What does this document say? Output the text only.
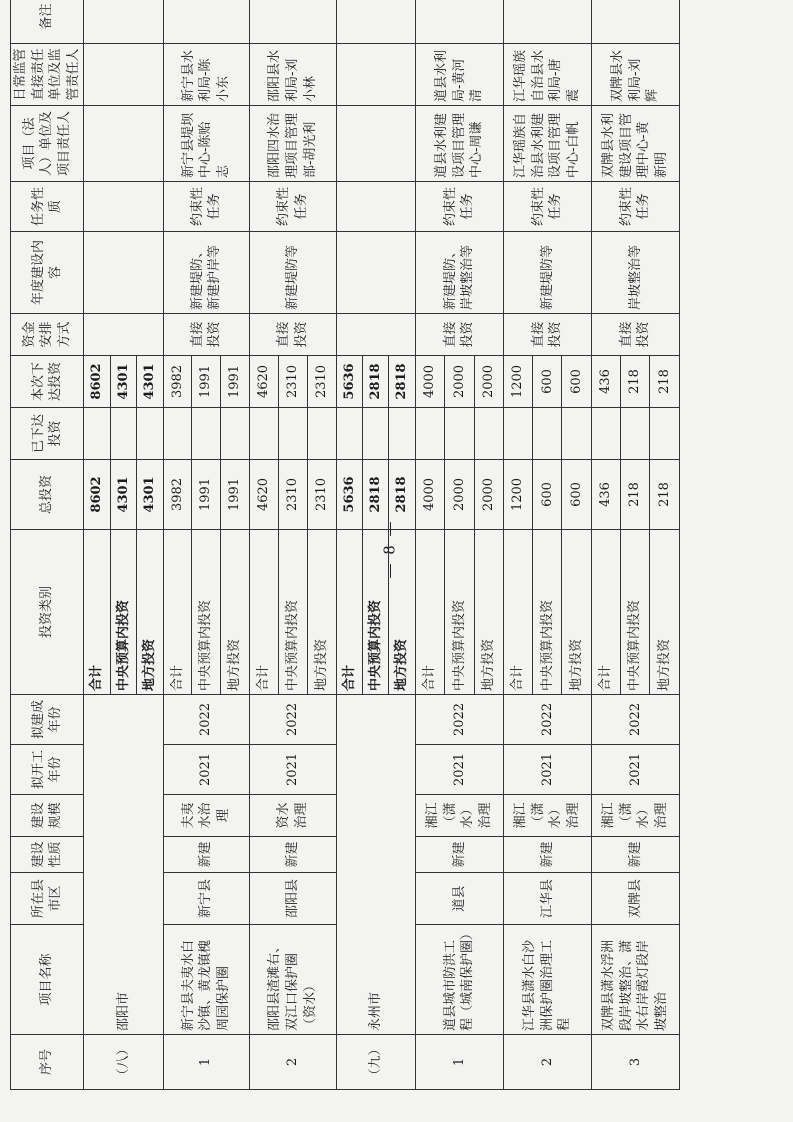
序号	项目名称	所在县市区	建设性质	建设规模	拟开工年份	拟建成年份	投资类别	总投资	已下达投资	本次下达投资	资金安排方式	年度建设内容	任务性质	项目（法人）单位及项目责任人	日常监管直接责任单位及监管责任人	备注
（八）	邵阳市						合计	8602		8602						
							中央预算内投资	4301		4301						
							地方投资	4301		4301						
1	新宁县夫夷水白沙镇、黄龙镇槐周园保护圈	新宁县	新建	夫夷水治理	2021	2022	合计	3982		3982	直接投资	新建堤防、新建护岸等	约束性任务	新宁县堤坝中心-陈贻志	新宁县水利局-陈小东	
							中央预算内投资	1991		1991						
							地方投资	1991		1991						
2	邵阳县渣滩右、双江口保护圈（资水）	邵阳县	新建	资水治理	2021	2022	合计	4620		4620	直接投资	新建堤防等	约束性任务	邵阳四水治理项目管理部-胡光利	邵阳县水利局-刘小林	
							中央预算内投资	2310		2310						
							地方投资	2310		2310						
（九）	永州市						合计	5636		5636						
							中央预算内投资	2818		2818						
							地方投资	2818		2818						
1	道县城市防洪工程（城南保护圈）	道县	新建	湘江（潇水）治理	2021	2022	合计	4000		4000	直接投资	新建堤防、岸坡整治等	约束性任务	道县水利建设项目管理中心-周谦	道县水利局-黄河清	
							中央预算内投资	2000		2000						
							地方投资	2000		2000						
2	江华县潇水白沙洲保护圈治理工程	江华县	新建	湘江（潇水）治理	2021	2022	合计	1200		1200	直接投资	新建堤防等	约束性任务	江华瑶族自治县水利建设项目管理中心-白帆	江华瑶族自治县水利局-唐震	
							中央预算内投资	600		600						
							地方投资	600		600						
3	双牌县潇水浮洲段岸坡整治、潇水右岸霞灯段岸坡整治	双牌县	新建	湘江（潇水）治理	2021	2022	合计	436		436	直接投资	岸坡整治等	约束性任务	双牌县水利建设项目管理中心-黄新明	双牌县水利局-刘辉	
							中央预算内投资	218		218						
							地方投资	218		218						
— 8 —
